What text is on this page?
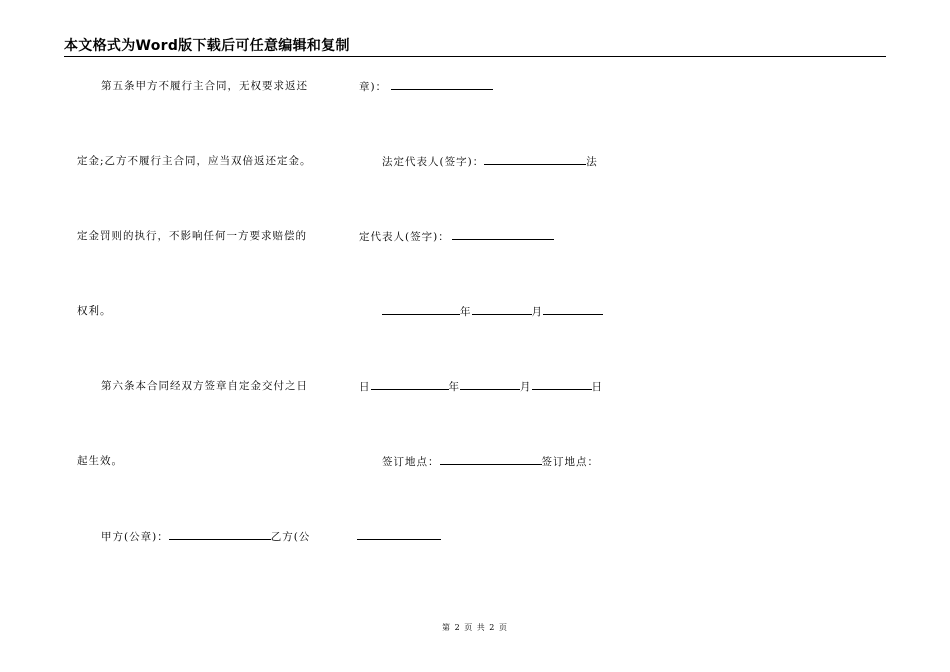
本文格式为Word版下载后可任意编辑和复制
第五条甲方不履行主合同，无权要求返还
定金;乙方不履行主合同，应当双倍返还定金。
定金罚则的执行，不影响任何一方要求赔偿的
权利。
第六条本合同经双方签章自定金交付之日
起生效。
甲方(公章)：	乙方(公
章)：
法定代表人(签字)：	法
定代表人(签字)：
年	月
日	年	月	日
签订地点：	签订地点：
第 2 页 共 2 页
